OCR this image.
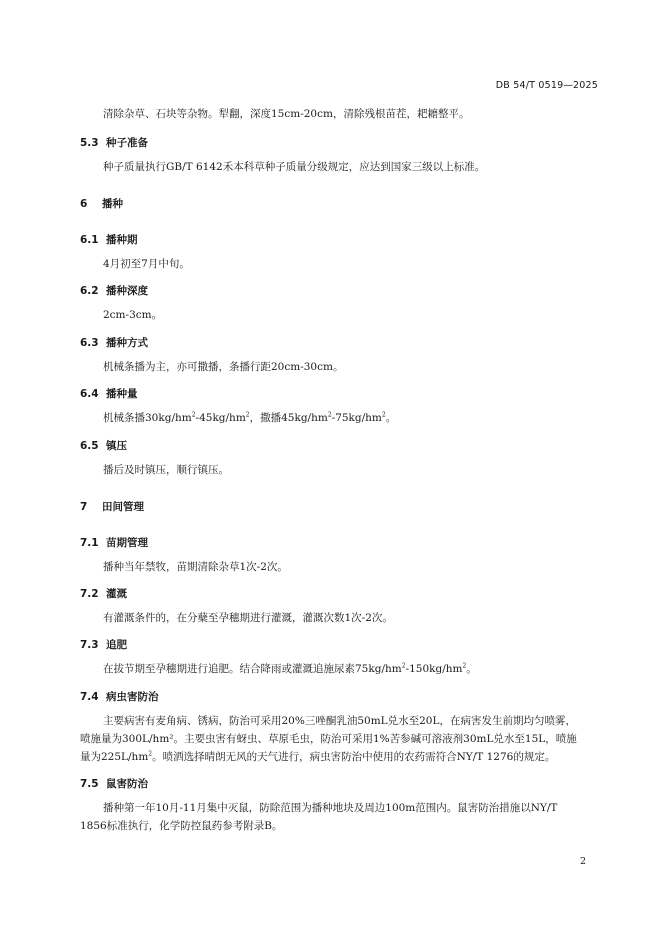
DB 54/T 0519—2025
清除杂草、石块等杂物。犁翻，深度15cm-20cm，清除残根苗茬，耙耱整平。
5.3 种子准备
种子质量执行GB/T 6142禾本科草种子质量分级规定，应达到国家三级以上标准。
6	播种
6.1 播种期
4月初至7月中旬。
6.2 播种深度
2cm-3cm。
6.3 播种方式
机械条播为主，亦可撒播，条播行距20cm-30cm。
6.4 播种量
机械条播$30kg/hm^2-45kg/hm^2$，撒播$45kg/hm^2-75kg/hm^2$。
6.5 镇压
播后及时镇压，顺行镇压。
7	田间管理
7.1 苗期管理
播种当年禁牧，苗期清除杂草1次-2次。
7.2 灌溉
有灌溉条件的，在分蘖至孕穗期进行灌溉，灌溉次数1次-2次。
7.3 追肥
在拔节期至孕穗期进行追肥。结合降雨或灌溉追施尿素$75kg/hm^2-150kg/hm^2$。
7.4 病虫害防治
主要病害有麦角病、锈病，防治可采用20%三唑酮乳油50mL兑水至20L，在病害发生前期均匀喷雾，
喷施量为300L/hm²。主要虫害有蚜虫、草原毛虫，防治可采用1%苦参碱可溶液剂30mL兑水至15L，喷施
量为$225L/hm^2$。喷洒选择晴朗无风的天气进行，病虫害防治中使用的农药需符合NY/T 1276的规定。
7.5 鼠害防治
播种第一年10月-11月集中灭鼠，防除范围为播种地块及周边100m范围内。鼠害防治措施以NY/T
1856标准执行，化学防控鼠药参考附录B。
2
